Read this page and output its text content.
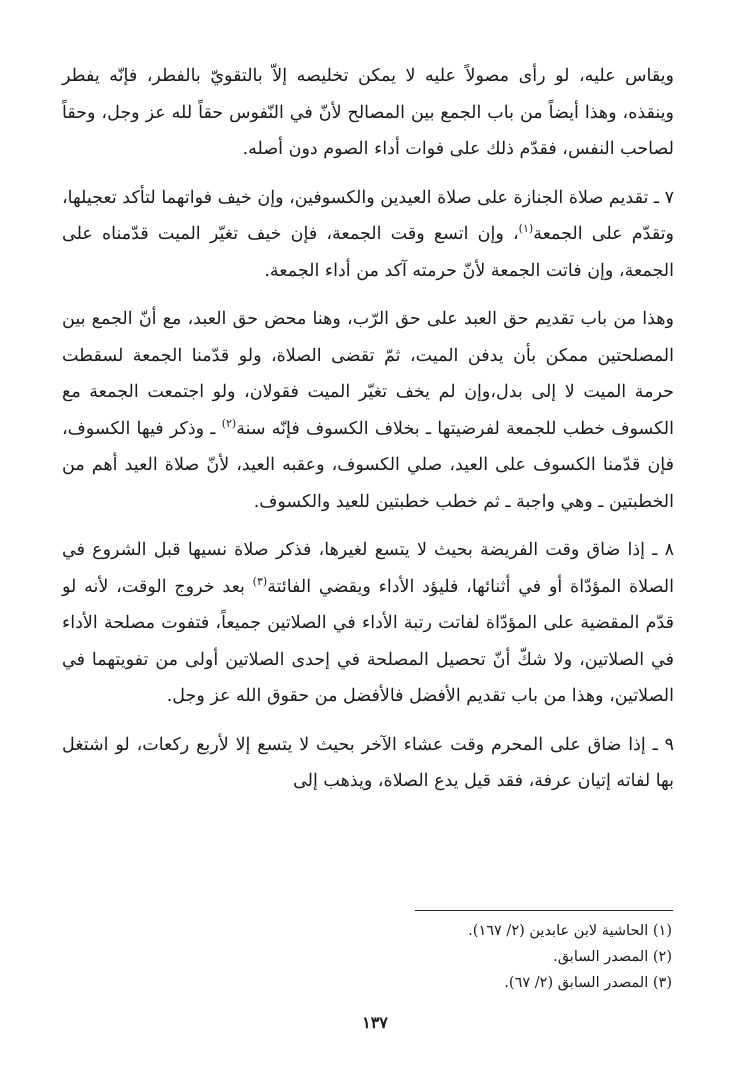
ويقاس عليه، لو رأى مصولاً عليه لا يمكن تخليصه إلاّ بالتقويّ بالفطر، فإنّه يفطر وينقذه، وهذا أيضاً من باب الجمع بين المصالح لأنّ في النّفوس حقاً لله عز وجل، وحقاً لصاحب النفس، فقدّم ذلك على فوات أداء الصوم دون أصله.

٧ ـ تقديم صلاة الجنازة على صلاة العيدين والكسوفين، وإن خيف فواتهما لتأكد تعجيلها، وتقدّم على الجمعة$^{(١)}$، وإن اتسع وقت الجمعة، فإن خيف تغيّر الميت قدّمناه على الجمعة، وإن فاتت الجمعة لأنّ حرمته آكد من أداء الجمعة.

وهذا من باب تقديم حق العبد على حق الرّب، وهنا محض حق العبد، مع أنّ الجمع بين المصلحتين ممكن بأن يدفن الميت، ثمّ تقضى الصلاة، ولو قدّمنا الجمعة لسقطت حرمة الميت لا إلى بدل،وإن لم يخف تغيّر الميت فقولان، ولو اجتمعت الجمعة مع الكسوف خطب للجمعة لفرضيتها ـ بخلاف الكسوف فإنّه سنة$^{(٢)}$ ـ وذكر فيها الكسوف، فإن قدّمنا الكسوف على العيد، صلي الكسوف، وعقبه العيد، لأنّ صلاة العيد أهم من الخطبتين ـ وهي واجبة ـ ثم خطب خطبتين للعيد والكسوف.

٨ ـ إذا ضاق وقت الفريضة بحيث لا يتسع لغيرها، فذكر صلاة نسيها قبل الشروع في الصلاة المؤدّاة أو في أثنائها، فليؤد الأداء ويقضي الفائتة$^{(٣)}$ بعد خروج الوقت، لأنه لو قدّم المقضية على المؤدّاة لفاتت رتبة الأداء في الصلاتين جميعاً، فتفوت مصلحة الأداء في الصلاتين، ولا شكّ أنّ تحصيل المصلحة في إحدى الصلاتين أولى من تفويتهما في الصلاتين، وهذا من باب تقديم الأفضل فالأفضل من حقوق الله عز وجل.

٩ ـ إذا ضاق على المحرم وقت عشاء الآخر بحيث لا يتسع إلا لأربع ركعات، لو اشتغل بها لفاته إتيان عرفة، فقد قيل يدع الصلاة، ويذهب إلى

(١) الحاشية لابن عابدين (٢/ ١٦٧).
(٢) المصدر السابق.
(٣) المصدر السابق (٢/ ٦٧).
١٣٧
